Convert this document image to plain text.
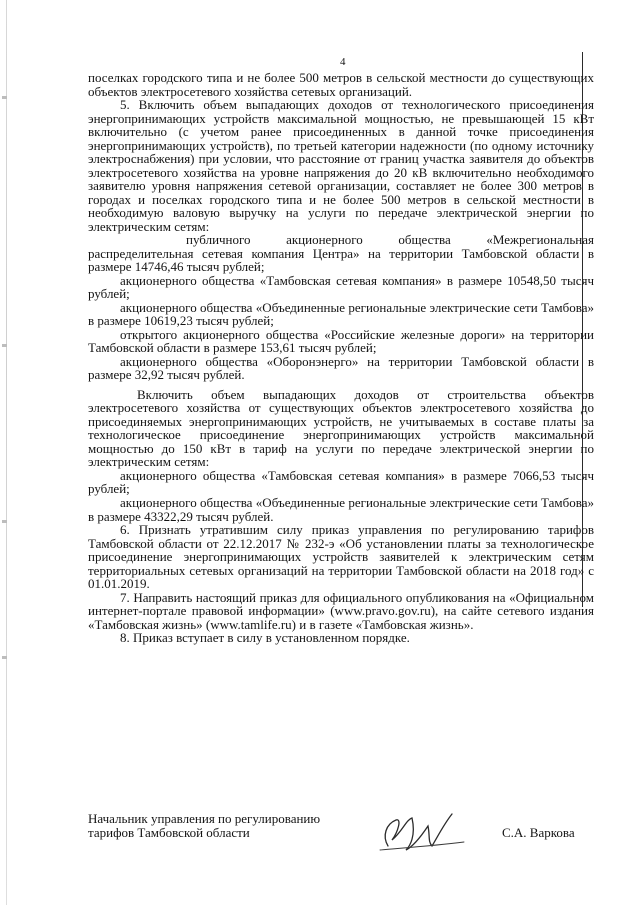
4

поселках городского типа и не более 500 метров в сельской местности до существующих объектов электросетевого хозяйства сетевых организаций.

5. Включить объем выпадающих доходов от технологического присоединения энергопринимающих устройств максимальной мощностью, не превышающей 15 кВт включительно (с учетом ранее присоединенных в данной точке присоединения энергопринимающих устройств), по третьей категории надежности (по одному источнику электроснабжения) при условии, что расстояние от границ участка заявителя до объектов электросетевого хозяйства на уровне напряжения до 20 кВ включительно необходимого заявителю уровня напряжения сетевой организации, составляет не более 300 метров в городах и поселках городского типа и не более 500 метров в сельской местности в необходимую валовую выручку на услуги по передаче электрической энергии по электрическим сетям:

публичного акционерного общества «Межрегиональная распределительная сетевая компания Центра» на территории Тамбовской области в размере 14746,46 тысяч рублей;

акционерного общества «Тамбовская сетевая компания» в размере 10548,50 тысяч рублей;

акционерного общества «Объединенные региональные электрические сети Тамбова» в размере 10619,23 тысяч рублей;

открытого акционерного общества «Российские железные дороги» на территории Тамбовской области в размере 153,61 тысяч рублей;

акционерного общества «Оборонэнерго» на территории Тамбовской области в размере 32,92 тысяч рублей.

Включить объем выпадающих доходов от строительства объектов электросетевого хозяйства от существующих объектов электросетевого хозяйства до присоединяемых энергопринимающих устройств, не учитываемых в составе платы за технологическое присоединение энергопринимающих устройств максимальной мощностью до 150 кВт в тариф на услуги по передаче электрической энергии по электрическим сетям:

акционерного общества «Тамбовская сетевая компания» в размере 7066,53 тысяч рублей;

акционерного общества «Объединенные региональные электрические сети Тамбова» в размере 43322,29 тысяч рублей.

6. Признать утратившим силу приказ управления по регулированию тарифов Тамбовской области от 22.12.2017 № 232-э «Об установлении платы за технологическое присоединение энергопринимающих устройств заявителей к электрическим сетям территориальных сетевых организаций на территории Тамбовской области на 2018 год» с 01.01.2019.

7. Направить настоящий приказ для официального опубликования на «Официальном интернет-портале правовой информации» (www.pravo.gov.ru), на сайте сетевого издания «Тамбовская жизнь» (www.tamlife.ru) и в газете «Тамбовская жизнь».

8. Приказ вступает в силу в установленном порядке.

Начальник управления по регулированию
тарифов Тамбовской области	С.А. Варкова
